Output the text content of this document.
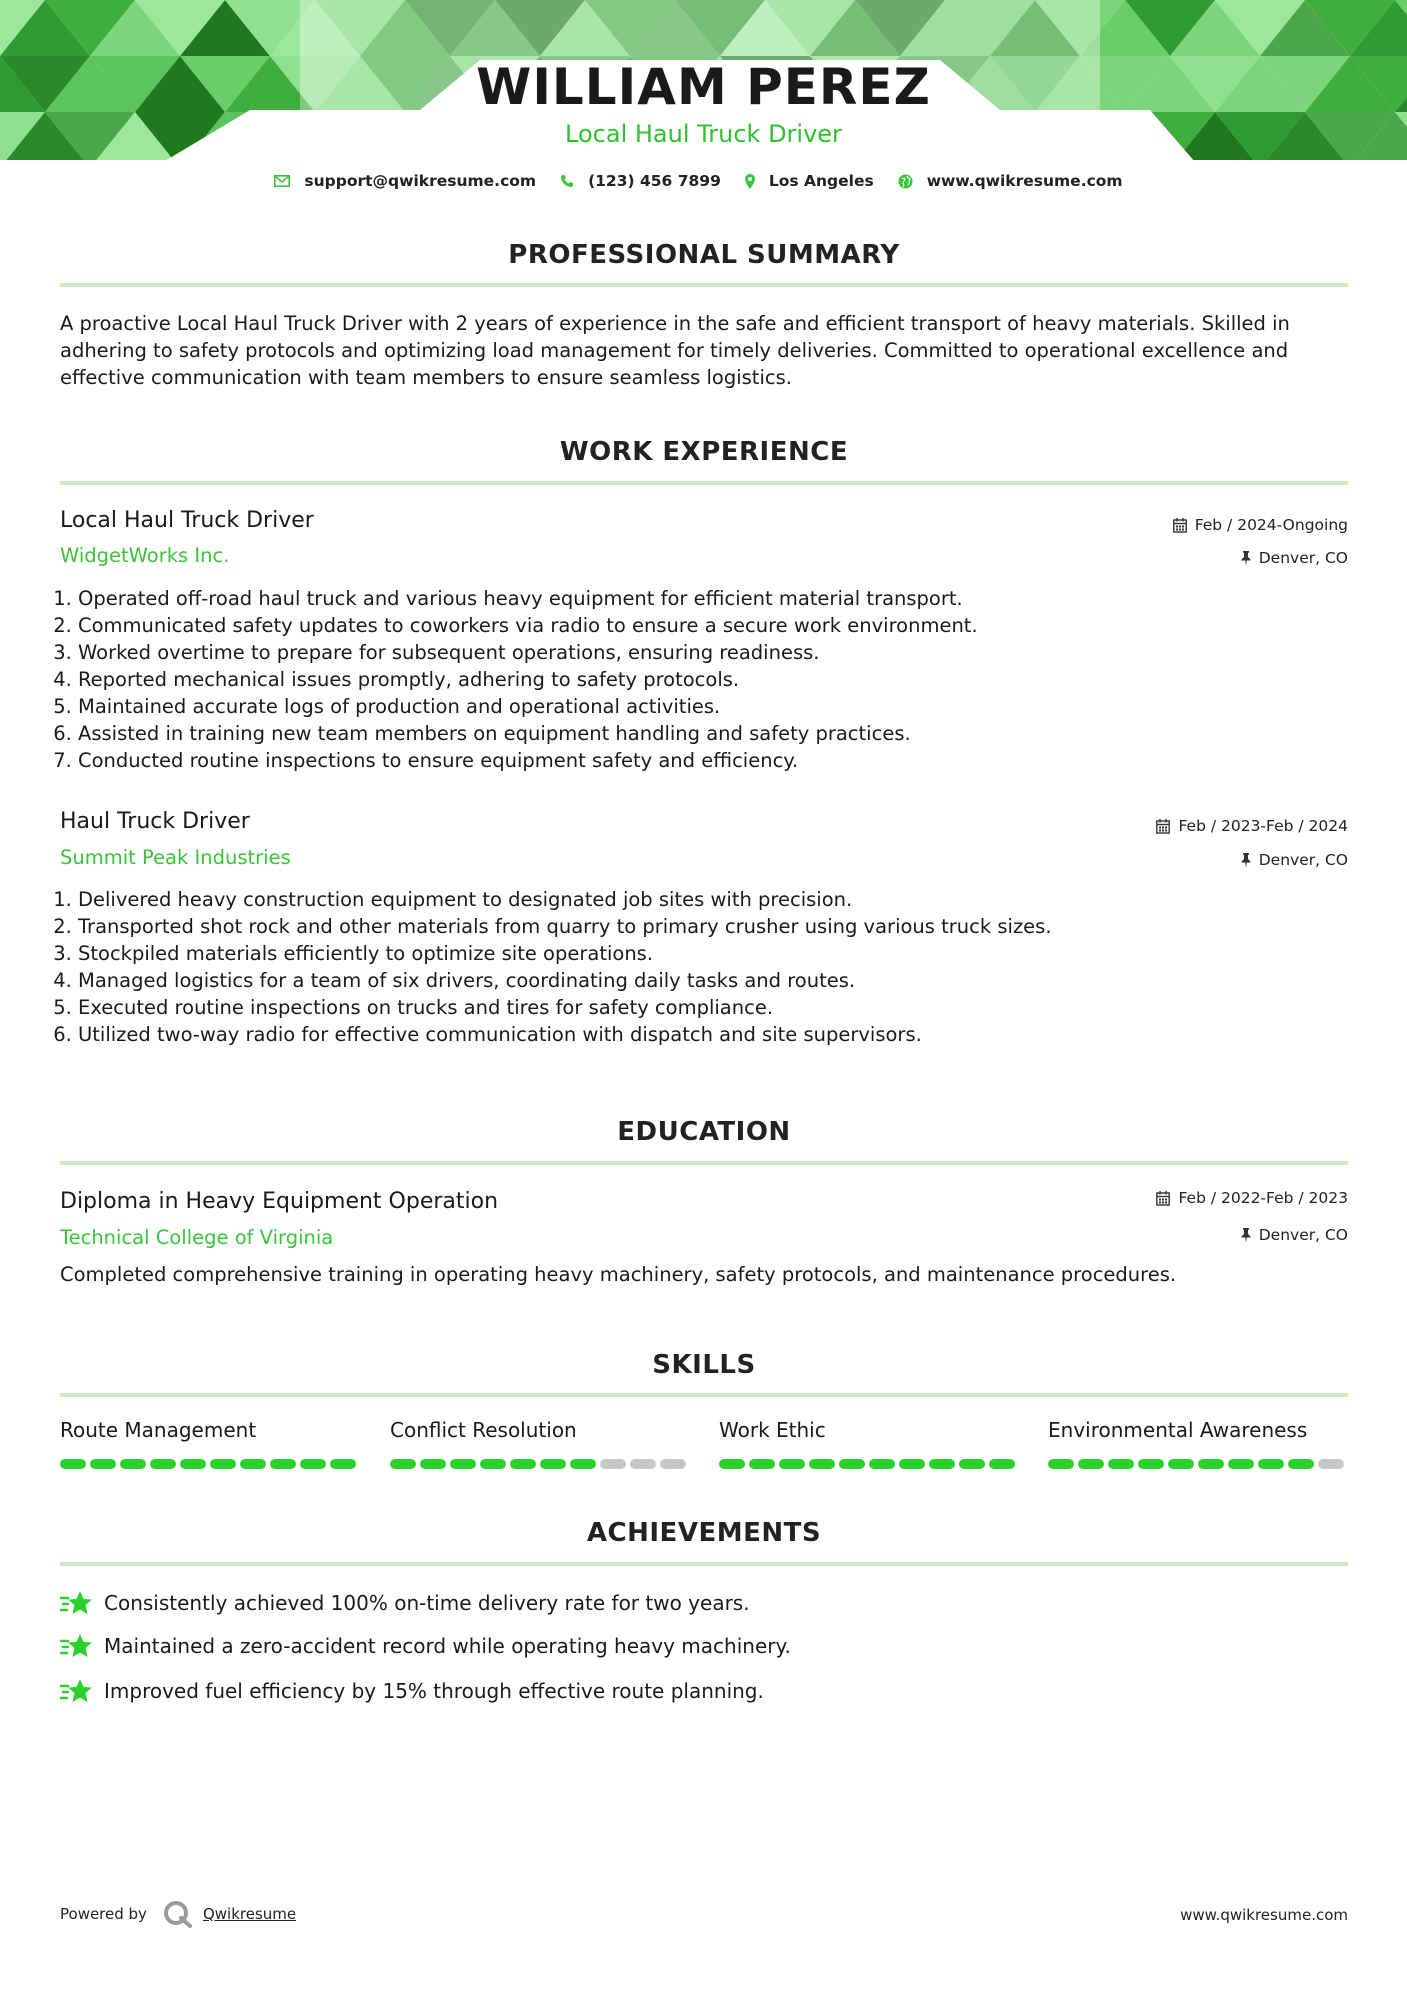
WILLIAM PEREZ
Local Haul Truck Driver
support@qwikresume.com	(123) 456 7899	Los Angeles	www.qwikresume.com
PROFESSIONAL SUMMARY
A proactive Local Haul Truck Driver with 2 years of experience in the safe and efficient transport of heavy materials. Skilled in adhering to safety protocols and optimizing load management for timely deliveries. Committed to operational excellence and effective communication with team members to ensure seamless logistics.
WORK EXPERIENCE
Local Haul Truck Driver	Feb / 2024-Ongoing
WidgetWorks Inc.	Denver, CO
1. Operated off-road haul truck and various heavy equipment for efficient material transport.
2. Communicated safety updates to coworkers via radio to ensure a secure work environment.
3. Worked overtime to prepare for subsequent operations, ensuring readiness.
4. Reported mechanical issues promptly, adhering to safety protocols.
5. Maintained accurate logs of production and operational activities.
6. Assisted in training new team members on equipment handling and safety practices.
7. Conducted routine inspections to ensure equipment safety and efficiency.
Haul Truck Driver	Feb / 2023-Feb / 2024
Summit Peak Industries	Denver, CO
1. Delivered heavy construction equipment to designated job sites with precision.
2. Transported shot rock and other materials from quarry to primary crusher using various truck sizes.
3. Stockpiled materials efficiently to optimize site operations.
4. Managed logistics for a team of six drivers, coordinating daily tasks and routes.
5. Executed routine inspections on trucks and tires for safety compliance.
6. Utilized two-way radio for effective communication with dispatch and site supervisors.
EDUCATION
Diploma in Heavy Equipment Operation	Feb / 2022-Feb / 2023
Technical College of Virginia	Denver, CO
Completed comprehensive training in operating heavy machinery, safety protocols, and maintenance procedures.
SKILLS
Route Management	Conflict Resolution	Work Ethic	Environmental Awareness
ACHIEVEMENTS
Consistently achieved 100% on-time delivery rate for two years.
Maintained a zero-accident record while operating heavy machinery.
Improved fuel efficiency by 15% through effective route planning.
Powered by	Qwikresume	www.qwikresume.com
